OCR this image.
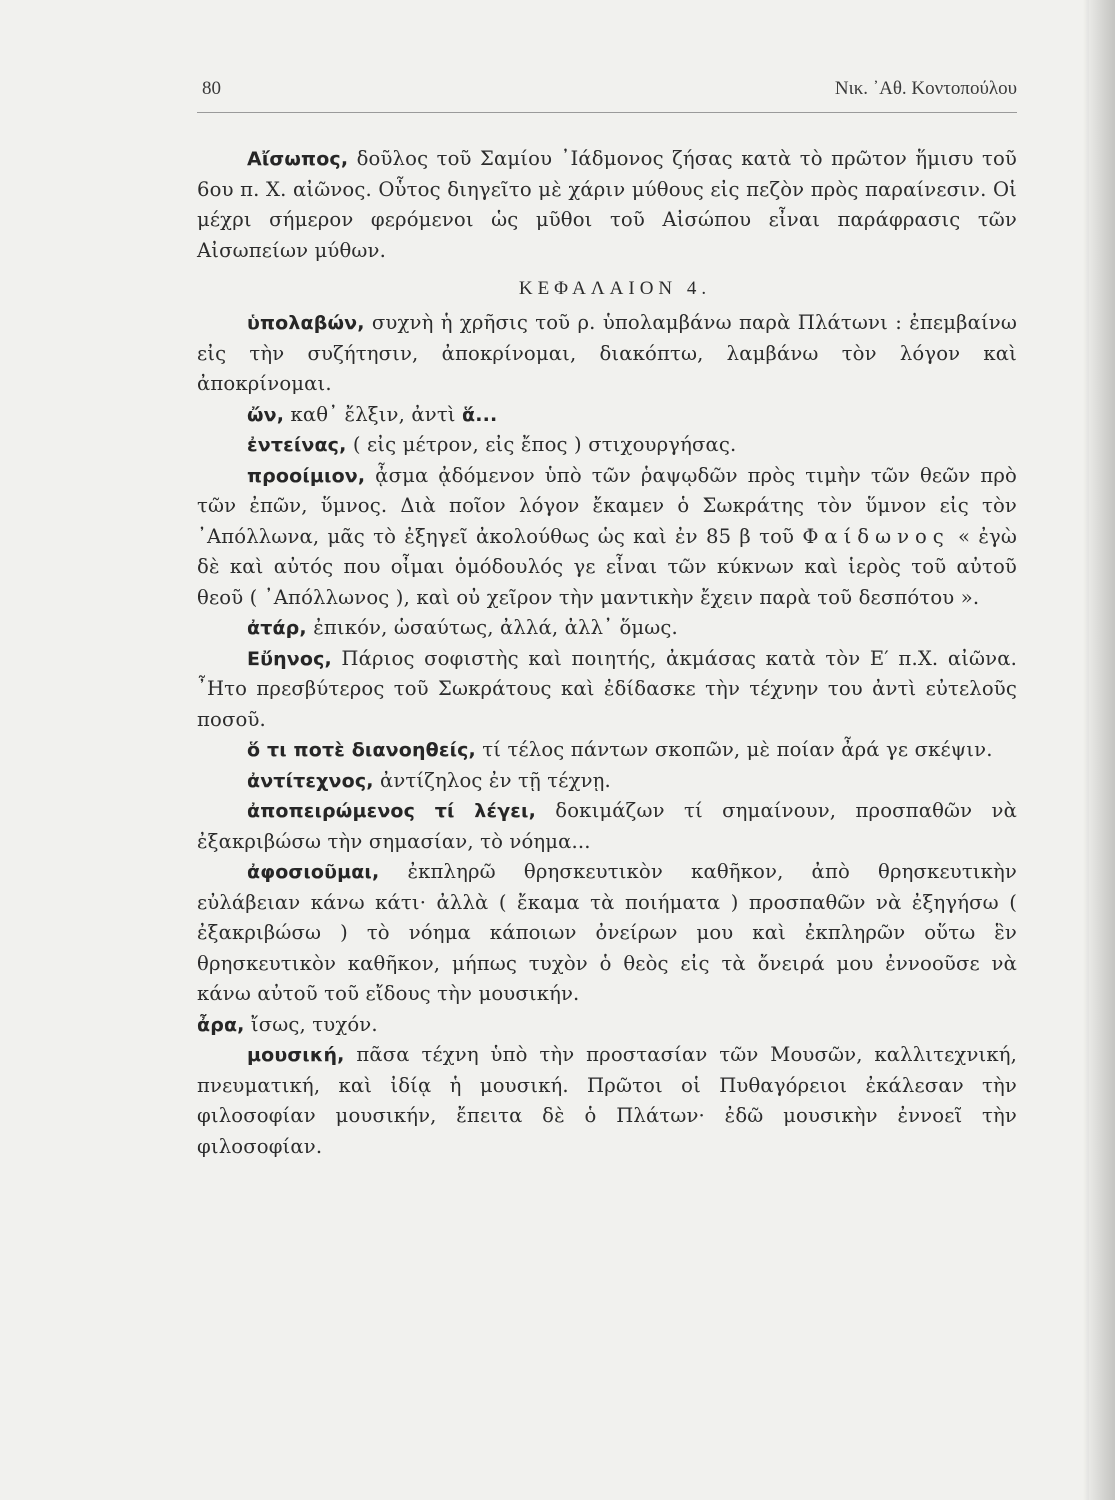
80	Νικ. ᾽Αθ. Κοντοπούλου

Αἴσωπος, δοῦλος τοῦ Σαμίου ᾽Ιάδμονος ζήσας κατὰ τὸ πρῶτον ἥμισυ τοῦ 6ου π. Χ. αἰῶνος. Οὗτος διηγεῖτο μὲ χάριν μύθους εἰς πεζὸν πρὸς παραίνεσιν. Οἱ μέχρι σήμερον φερόμενοι ὡς μῦθοι τοῦ Αἰσώπου εἶναι παράφρασις τῶν Αἰσωπείων μύθων.

ΚΕΦΑΛΑΙΟΝ 4.

ὑπολαβών, συχνὴ ἡ χρῆσις τοῦ ρ. ὑπολαμβάνω παρὰ Πλάτωνι : ἐπεμβαίνω εἰς τὴν συζήτησιν, ἀποκρίνομαι, διακόπτω, λαμβάνω τὸν λόγον καὶ ἀποκρίνομαι.

ὤν, καθ᾽ ἔλξιν, ἀντὶ ἅ...

ἐντείνας, ( εἰς μέτρον, εἰς ἔπος ) στιχουργήσας.

προοίμιον, ᾆσμα ᾀδόμενον ὑπὸ τῶν ῥαψῳδῶν πρὸς τιμὴν τῶν θεῶν πρὸ τῶν ἐπῶν, ὕμνος. Διὰ ποῖον λόγον ἔκαμεν ὁ Σωκράτης τὸν ὕμνον εἰς τὸν ᾽Απόλλωνα, μᾶς τὸ ἐξηγεῖ ἀκολούθως ὡς καὶ ἐν 85 β τοῦ Φαίδωνος « ἐγὼ δὲ καὶ αὐτός που οἶμαι ὁμόδουλός γε εἶναι τῶν κύκνων καὶ ἱερὸς τοῦ αὐτοῦ θεοῦ ( ᾽Απόλλωνος ), καὶ οὐ χεῖρον τὴν μαντικὴν ἔχειν παρὰ τοῦ δεσπότου ».

ἀτάρ, ἐπικόν, ὡσαύτως, ἀλλά, ἀλλ᾽ ὅμως.

Εὔηνος, Πάριος σοφιστὴς καὶ ποιητής, ἀκμάσας κατὰ τὸν Ε′ π.Χ. αἰῶνα. ῏Ητο πρεσβύτερος τοῦ Σωκράτους καὶ ἐδίδασκε τὴν τέχνην του ἀντὶ εὐτελοῦς ποσοῦ.

ὅ τι ποτὲ διανοηθείς, τί τέλος πάντων σκοπῶν, μὲ ποίαν ἆρά γε σκέψιν.

ἀντίτεχνος, ἀντίζηλος ἐν τῇ τέχνῃ.

ἀποπειρώμενος τί λέγει, δοκιμάζων τί σημαίνουν, προσπαθῶν νὰ ἐξακριβώσω τὴν σημασίαν, τὸ νόημα...

ἀφοσιοῦμαι, ἐκπληρῶ θρησκευτικὸν καθῆκον, ἀπὸ θρησκευτικὴν εὐλάβειαν κάνω κάτι· ἀλλὰ ( ἔκαμα τὰ ποιήματα ) προσπαθῶν νὰ ἐξηγήσω ( ἐξακριβώσω ) τὸ νόημα κάποιων ὀνείρων μου καὶ ἐκπληρῶν οὕτω ἓν θρησκευτικὸν καθῆκον, μήπως τυχὸν ὁ θεὸς εἰς τὰ ὄνειρά μου ἐννοοῦσε νὰ κάνω αὐτοῦ τοῦ εἴδους τὴν μουσικήν.

ἆρα, ἴσως, τυχόν.

μουσική, πᾶσα τέχνη ὑπὸ τὴν προστασίαν τῶν Μουσῶν, καλλιτεχνική, πνευματική, καὶ ἰδίᾳ ἡ μουσική. Πρῶτοι οἱ Πυθαγόρειοι ἐκάλεσαν τὴν φιλοσοφίαν μουσικήν, ἔπειτα δὲ ὁ Πλάτων· ἐδῶ μουσικὴν ἐννοεῖ τὴν φιλοσοφίαν.
